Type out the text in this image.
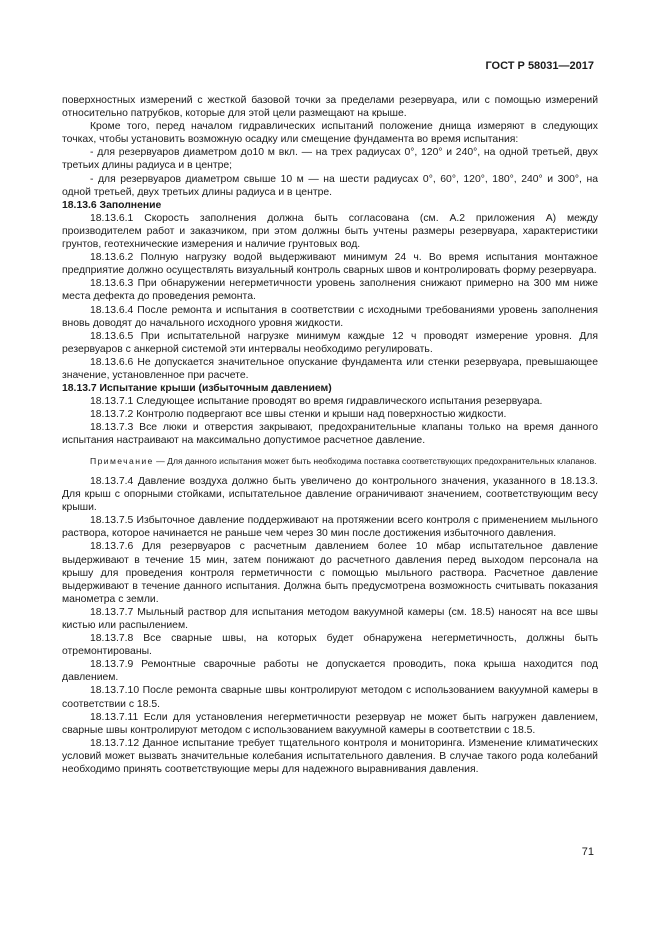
ГОСТ Р 58031—2017

поверхностных измерений с жесткой базовой точки за пределами резервуара, или с помощью измерений относительно патрубков, которые для этой цели размещают на крыше.

Кроме того, перед началом гидравлических испытаний положение днища измеряют в следующих точках, чтобы установить возможную осадку или смещение фундамента во время испытания:

- для резервуаров диаметром до10 м вкл. — на трех радиусах 0°, 120° и 240°, на одной третьей, двух третьих длины радиуса и в центре;

- для резервуаров диаметром свыше 10 м — на шести радиусах 0°, 60°, 120°, 180°, 240° и 300°, на одной третьей, двух третьих длины радиуса и в центре.

18.13.6 Заполнение

18.13.6.1 Скорость заполнения должна быть согласована (см. А.2 приложения А) между производителем работ и заказчиком, при этом должны быть учтены размеры резервуара, характеристики грунтов, геотехнические измерения и наличие грунтовых вод.

18.13.6.2 Полную нагрузку водой выдерживают минимум 24 ч. Во время испытания монтажное предприятие должно осуществлять визуальный контроль сварных швов и контролировать форму резервуара.

18.13.6.3 При обнаружении негерметичности уровень заполнения снижают примерно на 300 мм ниже места дефекта до проведения ремонта.

18.13.6.4 После ремонта и испытания в соответствии с исходными требованиями уровень заполнения вновь доводят до начального исходного уровня жидкости.

18.13.6.5 При испытательной нагрузке минимум каждые 12 ч проводят измерение уровня. Для резервуаров с анкерной системой эти интервалы необходимо регулировать.

18.13.6.6 Не допускается значительное опускание фундамента или стенки резервуара, превышающее значение, установленное при расчете.

18.13.7 Испытание крыши (избыточным давлением)

18.13.7.1 Следующее испытание проводят во время гидравлического испытания резервуара.

18.13.7.2 Контролю подвергают все швы стенки и крыши над поверхностью жидкости.

18.13.7.3 Все люки и отверстия закрывают, предохранительные клапаны только на время данного испытания настраивают на максимально допустимое расчетное давление.

Примечание — Для данного испытания может быть необходима поставка соответствующих предохранительных клапанов.

18.13.7.4 Давление воздуха должно быть увеличено до контрольного значения, указанного в 18.13.3. Для крыш с опорными стойками, испытательное давление ограничивают значением, соответствующим весу крыши.

18.13.7.5 Избыточное давление поддерживают на протяжении всего контроля с применением мыльного раствора, которое начинается не раньше чем через 30 мин после достижения избыточного давления.

18.13.7.6 Для резервуаров с расчетным давлением более 10 мбар испытательное давление выдерживают в течение 15 мин, затем понижают до расчетного давления перед выходом персонала на крышу для проведения контроля герметичности с помощью мыльного раствора. Расчетное давление выдерживают в течение данного испытания. Должна быть предусмотрена возможность считывать показания манометра с земли.

18.13.7.7 Мыльный раствор для испытания методом вакуумной камеры (см. 18.5) наносят на все швы кистью или распылением.

18.13.7.8 Все сварные швы, на которых будет обнаружена негерметичность, должны быть отремонтированы.

18.13.7.9 Ремонтные сварочные работы не допускается проводить, пока крыша находится под давлением.

18.13.7.10 После ремонта сварные швы контролируют методом с использованием вакуумной камеры в соответствии с 18.5.

18.13.7.11 Если для установления негерметичности резервуар не может быть нагружен давлением, сварные швы контролируют методом с использованием вакуумной камеры в соответствии с 18.5.

18.13.7.12 Данное испытание требует тщательного контроля и мониторинга. Изменение климатических условий может вызвать значительные колебания испытательного давления. В случае такого рода колебаний необходимо принять соответствующие меры для надежного выравнивания давления.

71
